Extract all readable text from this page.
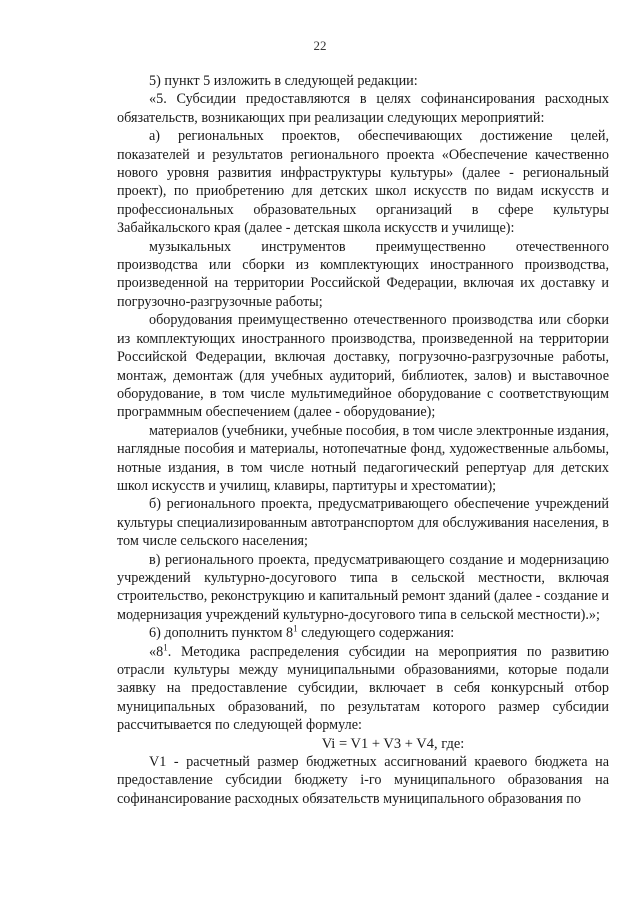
22

5) пункт 5 изложить в следующей редакции:

«5. Субсидии предоставляются в целях софинансирования расходных обязательств, возникающих при реализации следующих мероприятий:

а) региональных проектов, обеспечивающих достижение целей, показателей и результатов регионального проекта «Обеспечение качественно нового уровня развития инфраструктуры культуры» (далее - региональный проект), по приобретению для детских школ искусств по видам искусств и профессиональных образовательных организаций в сфере культуры Забайкальского края (далее - детская школа искусств и училище):

музыкальных инструментов преимущественно отечественного производства или сборки из комплектующих иностранного производства, произведенной на территории Российской Федерации, включая их доставку и погрузочно-разгрузочные работы;

оборудования преимущественно отечественного производства или сборки из комплектующих иностранного производства, произведенной на территории Российской Федерации, включая доставку, погрузочно-разгрузочные работы, монтаж, демонтаж (для учебных аудиторий, библиотек, залов) и выставочное оборудование, в том числе мультимедийное оборудование с соответствующим программным обеспечением (далее - оборудование);

материалов (учебники, учебные пособия, в том числе электронные издания, наглядные пособия и материалы, нотопечатные фонд, художественные альбомы, нотные издания, в том числе нотный педагогический репертуар для детских школ искусств и училищ, клавиры, партитуры и хрестоматии);

б) регионального проекта, предусматривающего обеспечение учреждений культуры специализированным автотранспортом для обслуживания населения, в том числе сельского населения;

в) регионального проекта, предусматривающего создание и модернизацию учреждений культурно-досугового типа в сельской местности, включая строительство, реконструкцию и капитальный ремонт зданий (далее - создание и модернизация учреждений культурно-досугового типа в сельской местности).»;

6) дополнить пунктом $8^1$ следующего содержания:

«$8^1$. Методика распределения субсидии на мероприятия по развитию отрасли культуры между муниципальными образованиями, которые подали заявку на предоставление субсидии, включает в себя конкурсный отбор муниципальных образований, по результатам которого размер субсидии рассчитывается по следующей формуле:

Vi = V1 + V3 + V4, где:

V1 - расчетный размер бюджетных ассигнований краевого бюджета на предоставление субсидии бюджету i-го муниципального образования на софинансирование расходных обязательств муниципального образования по
